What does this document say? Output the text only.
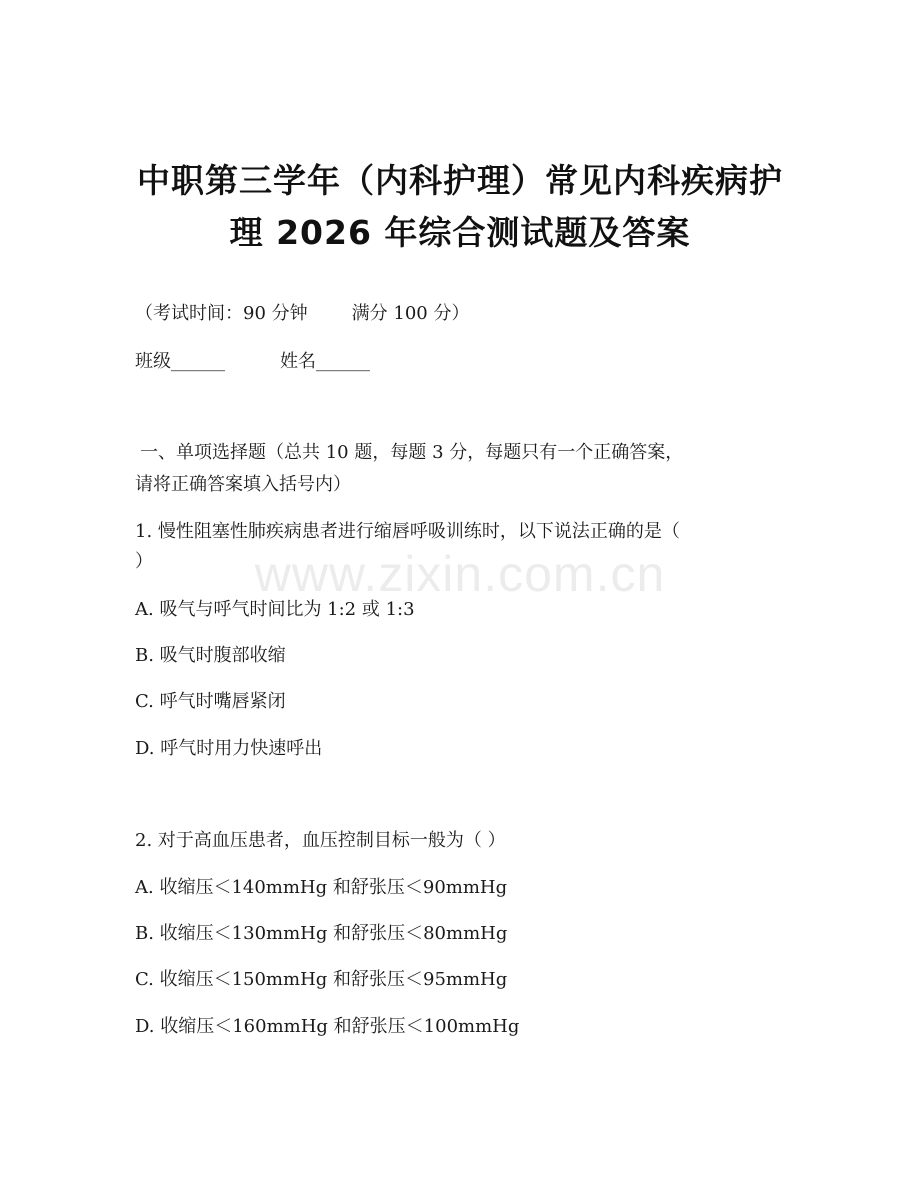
中职第三学年（内科护理）常见内科疾病护
理 2026 年综合测试题及答案
（考试时间：90 分钟 满分 100 分）
班级______	姓名______
一、单项选择题（总共 10 题，每题 3 分，每题只有一个正确答案，
请将正确答案填入括号内）
1. 慢性阻塞性肺疾病患者进行缩唇呼吸训练时，以下说法正确的是（
）
A. 吸气与呼气时间比为 1:2 或 1:3
B. 吸气时腹部收缩
C. 呼气时嘴唇紧闭
D. 呼气时用力快速呼出
2. 对于高血压患者，血压控制目标一般为（ ）
A. 收缩压＜140mmHg 和舒张压＜90mmHg
B. 收缩压＜130mmHg 和舒张压＜80mmHg
C. 收缩压＜150mmHg 和舒张压＜95mmHg
D. 收缩压＜160mmHg 和舒张压＜100mmHg
www.zixin.com.cn
